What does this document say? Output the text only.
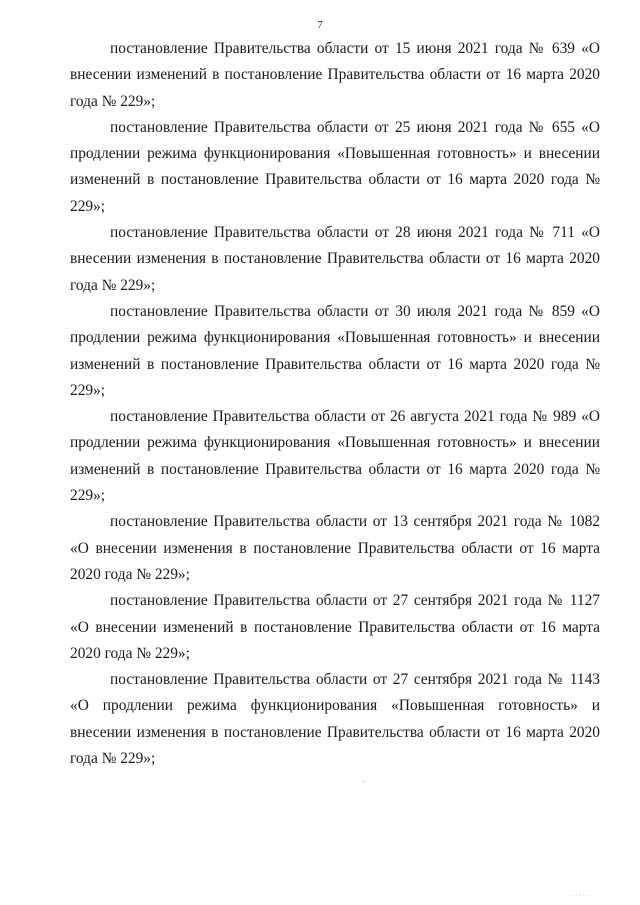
7

постановление Правительства области от 15 июня 2021 года № 639 «О внесении изменений в постановление Правительства области от 16 марта 2020 года № 229»;

постановление Правительства области от 25 июня 2021 года № 655 «О продлении режима функционирования «Повышенная готовность» и внесении изменений в постановление Правительства области от 16 марта 2020 года № 229»;

постановление Правительства области от 28 июня 2021 года № 711 «О внесении изменения в постановление Правительства области от 16 марта 2020 года № 229»;

постановление Правительства области от 30 июля 2021 года № 859 «О продлении режима функционирования «Повышенная готовность» и внесении изменений в постановление Правительства области от 16 марта 2020 года № 229»;

постановление Правительства области от 26 августа 2021 года № 989 «О продлении режима функционирования «Повышенная готовность» и внесении изменений в постановление Правительства области от 16 марта 2020 года № 229»;

постановление Правительства области от 13 сентября 2021 года № 1082 «О внесении изменения в постановление Правительства области от 16 марта 2020 года № 229»;

постановление Правительства области от 27 сентября 2021 года № 1127 «О внесении изменений в постановление Правительства области от 16 марта 2020 года № 229»;

постановление Правительства области от 27 сентября 2021 года № 1143 «О продлении режима функционирования «Повышенная готовность» и внесении изменения в постановление Правительства области от 16 марта 2020 года № 229»;

·····
